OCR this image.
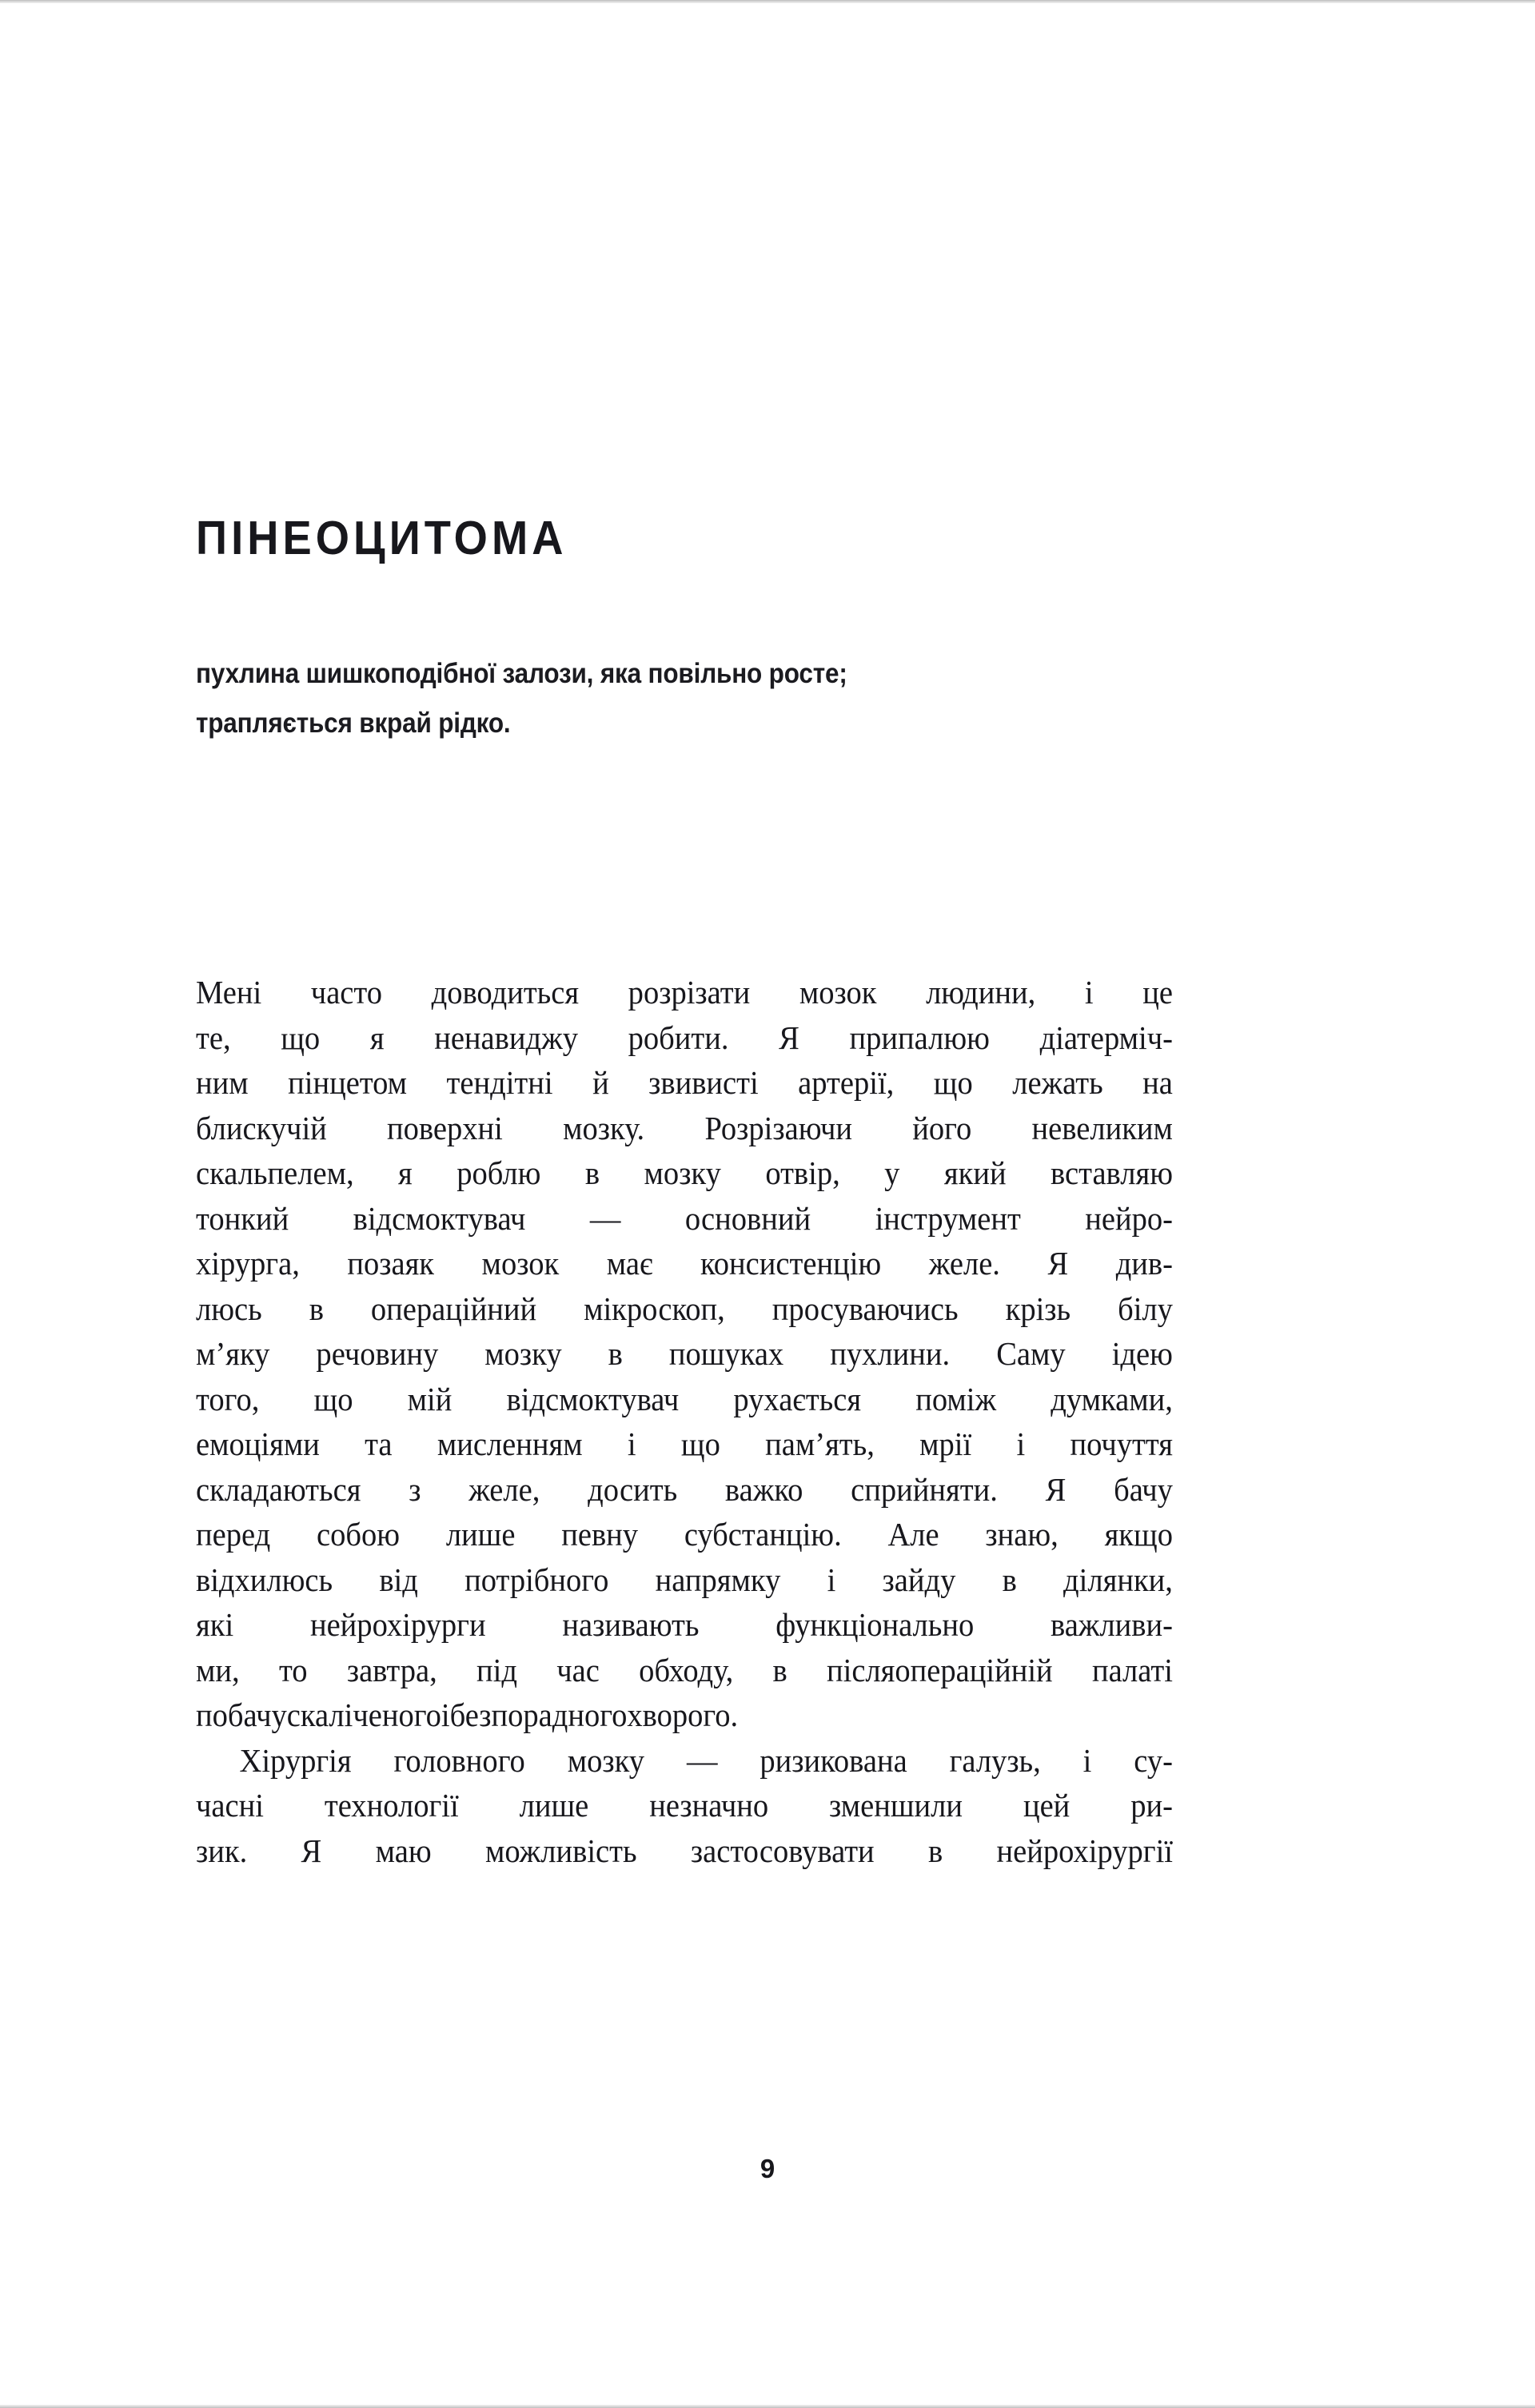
ПІНЕОЦИТОМА
пухлина шишкоподібної залози, яка повільно росте;
трапляється вкрай рідко.
Мені часто доводиться розрізати мозок людини, і це
те, що я ненавиджу робити. Я припалюю діатерміч-
ним пінцетом тендітні й звивисті артерії, що лежать на
блискучій поверхні мозку. Розрізаючи його невеликим
скальпелем, я роблю в мозку отвір, у який вставляю
тонкий відсмоктувач — основний інструмент нейро-
хірурга, позаяк мозок має консистенцію желе. Я див-
люсь в операційний мікроскоп, просуваючись крізь білу
м’яку речовину мозку в пошуках пухлини. Саму ідею
того, що мій відсмоктувач рухається поміж думками,
емоціями та мисленням і що пам’ять, мрії і почуття
складаються з желе, досить важко сприйняти. Я бачу
перед собою лише певну субстанцію. Але знаю, якщо
відхилюсь від потрібного напрямку і зайду в ділянки,
які нейрохірурги називають функціонально важливи-
ми, то завтра, під час обходу, в післяопераційній палаті
побачу скаліченого і безпорадного хворого.
Хірургія головного мозку — ризикована галузь, і су-
часні технології лише незначно зменшили цей ри-
зик. Я маю можливість застосовувати в нейрохірургії
9
